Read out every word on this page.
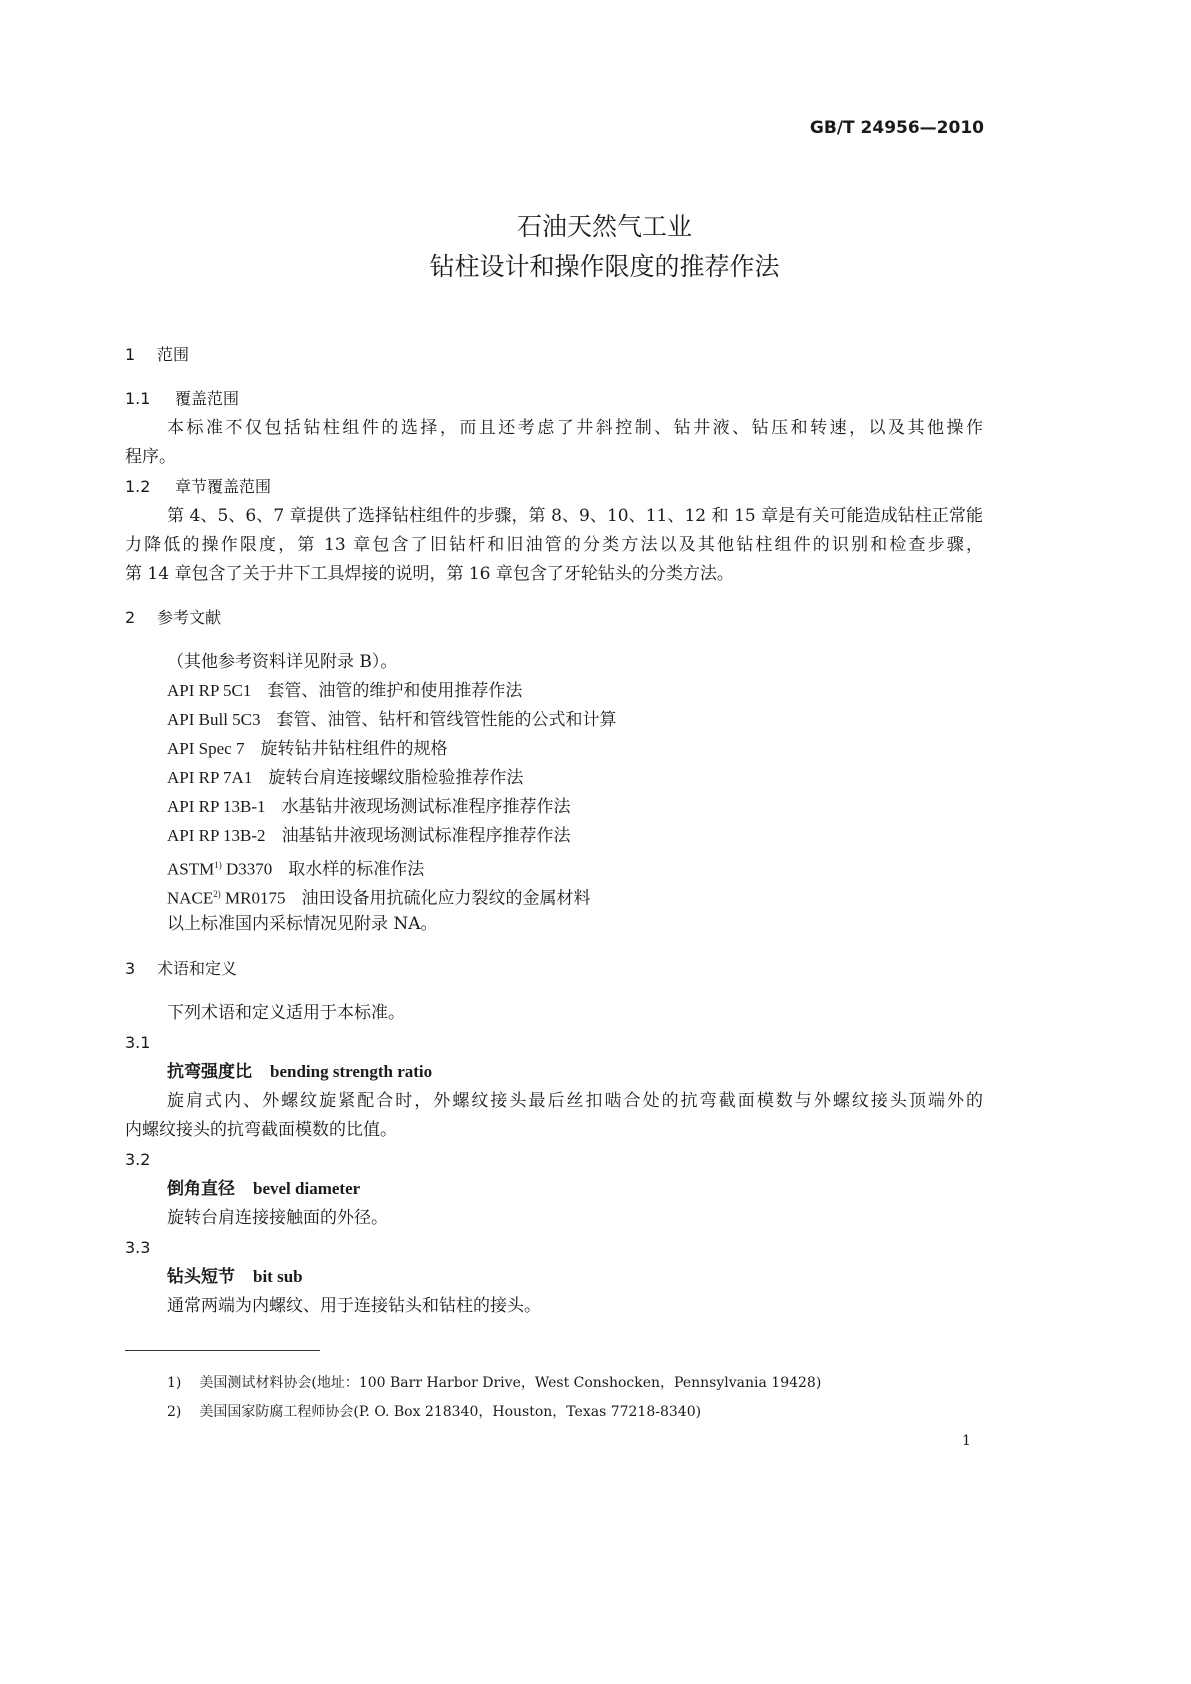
GB/T 24956—2010
石油天然气工业
钻柱设计和操作限度的推荐作法
1 范围
1.1 覆盖范围
本标准不仅包括钻柱组件的选择，而且还考虑了井斜控制、钻井液、钻压和转速，以及其他操作
程序。
1.2 章节覆盖范围
第 4、5、6、7 章提供了选择钻柱组件的步骤，第 8、9、10、11、12 和 15 章是有关可能造成钻柱正常能
力降低的操作限度，第 13 章包含了旧钻杆和旧油管的分类方法以及其他钻柱组件的识别和检查步骤，
第 14 章包含了关于井下工具焊接的说明，第 16 章包含了牙轮钻头的分类方法。
2 参考文献
（其他参考资料详见附录 B）。
API RP 5C1 套管、油管的维护和使用推荐作法
API Bull 5C3 套管、油管、钻杆和管线管性能的公式和计算
API Spec 7 旋转钻井钻柱组件的规格
API RP 7A1 旋转台肩连接螺纹脂检验推荐作法
API RP 13B-1 水基钻井液现场测试标准程序推荐作法
API RP 13B-2 油基钻井液现场测试标准程序推荐作法
ASTM$^{1)}$ D3370 取水样的标准作法
NACE$^{2)}$ MR0175 油田设备用抗硫化应力裂纹的金属材料
以上标准国内采标情况见附录 NA。
3 术语和定义
下列术语和定义适用于本标准。
3.1
抗弯强度比 bending strength ratio
旋肩式内、外螺纹旋紧配合时，外螺纹接头最后丝扣啮合处的抗弯截面模数与外螺纹接头顶端外的
内螺纹接头的抗弯截面模数的比值。
3.2
倒角直径 bevel diameter
旋转台肩连接接触面的外径。
3.3
钻头短节 bit sub
通常两端为内螺纹、用于连接钻头和钻柱的接头。
1) 美国测试材料协会(地址：100 Barr Harbor Drive，West Conshocken，Pennsylvania 19428)
2) 美国国家防腐工程师协会(P. O. Box 218340，Houston，Texas 77218-8340)
1
